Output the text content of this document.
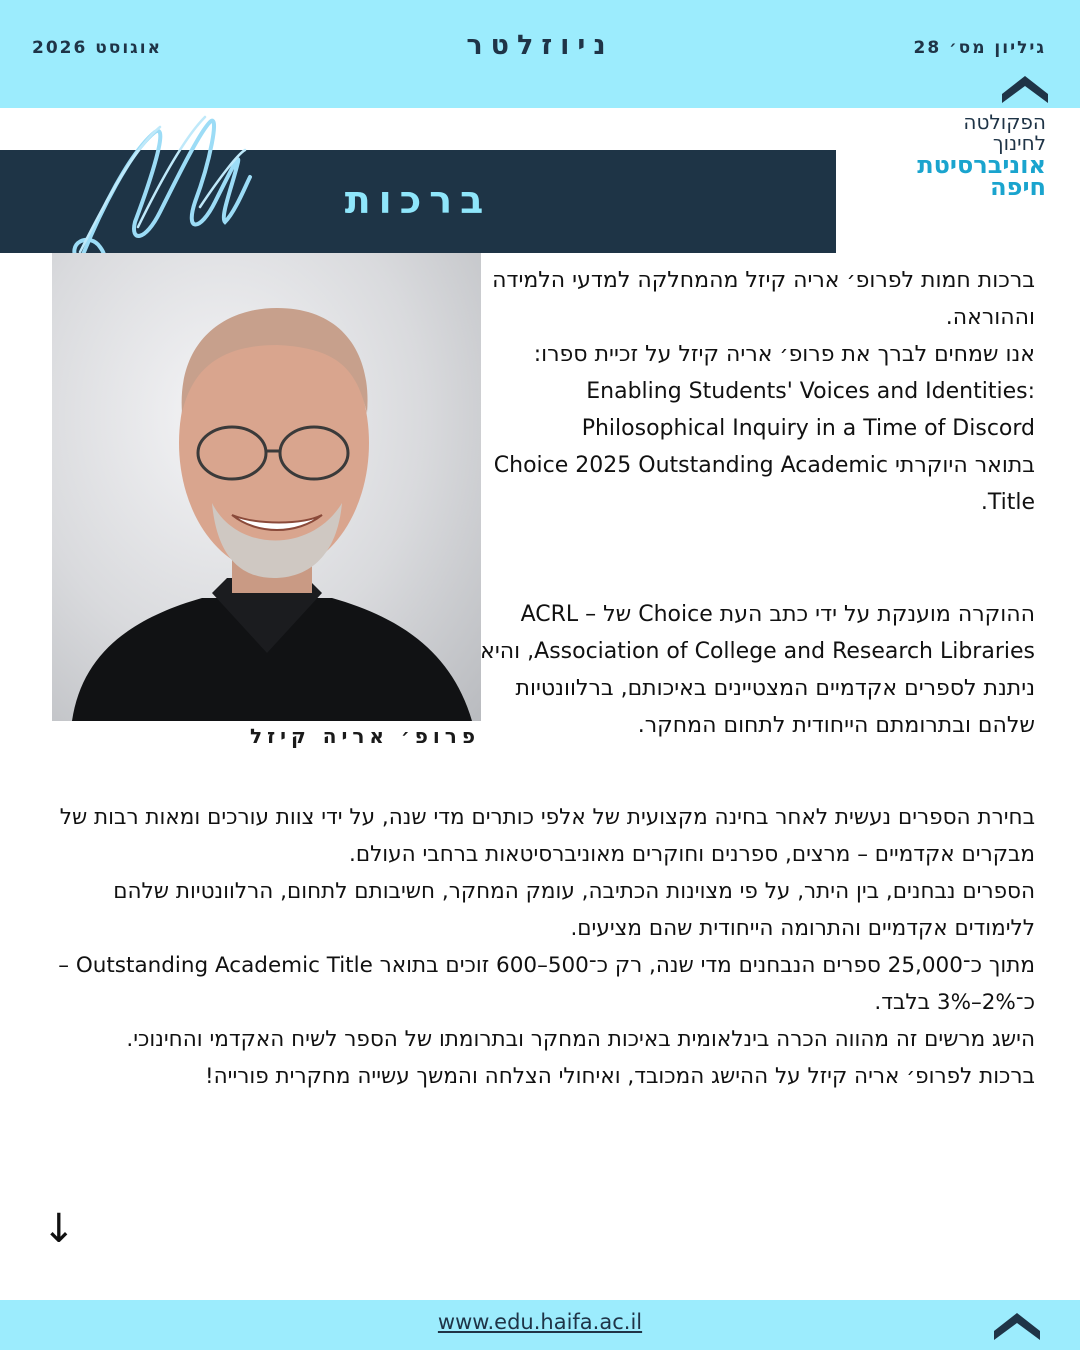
גיליון מס׳ 28
ניוזלטר
אוגוסט 2026
הפקולטה
לחינוך
אוניברסיטת
חיפה
ברכות
פרופ׳ אריה קיזל

ברכות חמות לפרופ׳ אריה קיזל מהמחלקה למדעי הלמידה וההוראה.

אנו שמחים לברך את פרופ׳ אריה קיזל על זכיית ספרו:

Enabling Students' Voices and Identities: Philosophical Inquiry in a Time of Discord

בתואר היוקרתי Choice 2025 Outstanding Academic Title.

ההוקרה מוענקת על ידי כתב העת Choice של ACRL – Association of College and Research Libraries, והיא ניתנת לספרים אקדמיים המצטיינים באיכותם, ברלוונטיות שלהם ובתרומתם הייחודית לתחום המחקר.

בחירת הספרים נעשית לאחר בחינה מקצועית של אלפי כותרים מדי שנה, על ידי צוות עורכים ומאות רבות של מבקרים אקדמיים – מרצים, ספרנים וחוקרים מאוניברסיטאות ברחבי העולם.

הספרים נבחנים, בין היתר, על פי מצוינות הכתיבה, עומק המחקר, חשיבותם לתחום, הרלוונטיות שלהם ללימודים אקדמיים והתרומה הייחודית שהם מציעים.

מתוך כ־25,000 ספרים הנבחנים מדי שנה, רק כ־500–600 זוכים בתואר Outstanding Academic Title – כ־2%–3% בלבד.

הישג מרשים זה מהווה הכרה בינלאומית באיכות המחקר ובתרומתו של הספר לשיח האקדמי והחינוכי.

ברכות לפרופ׳ אריה קיזל על ההישג המכובד, ואיחולי הצלחה והמשך עשייה מחקרית פורייה!

↓
www.edu.haifa.ac.il
